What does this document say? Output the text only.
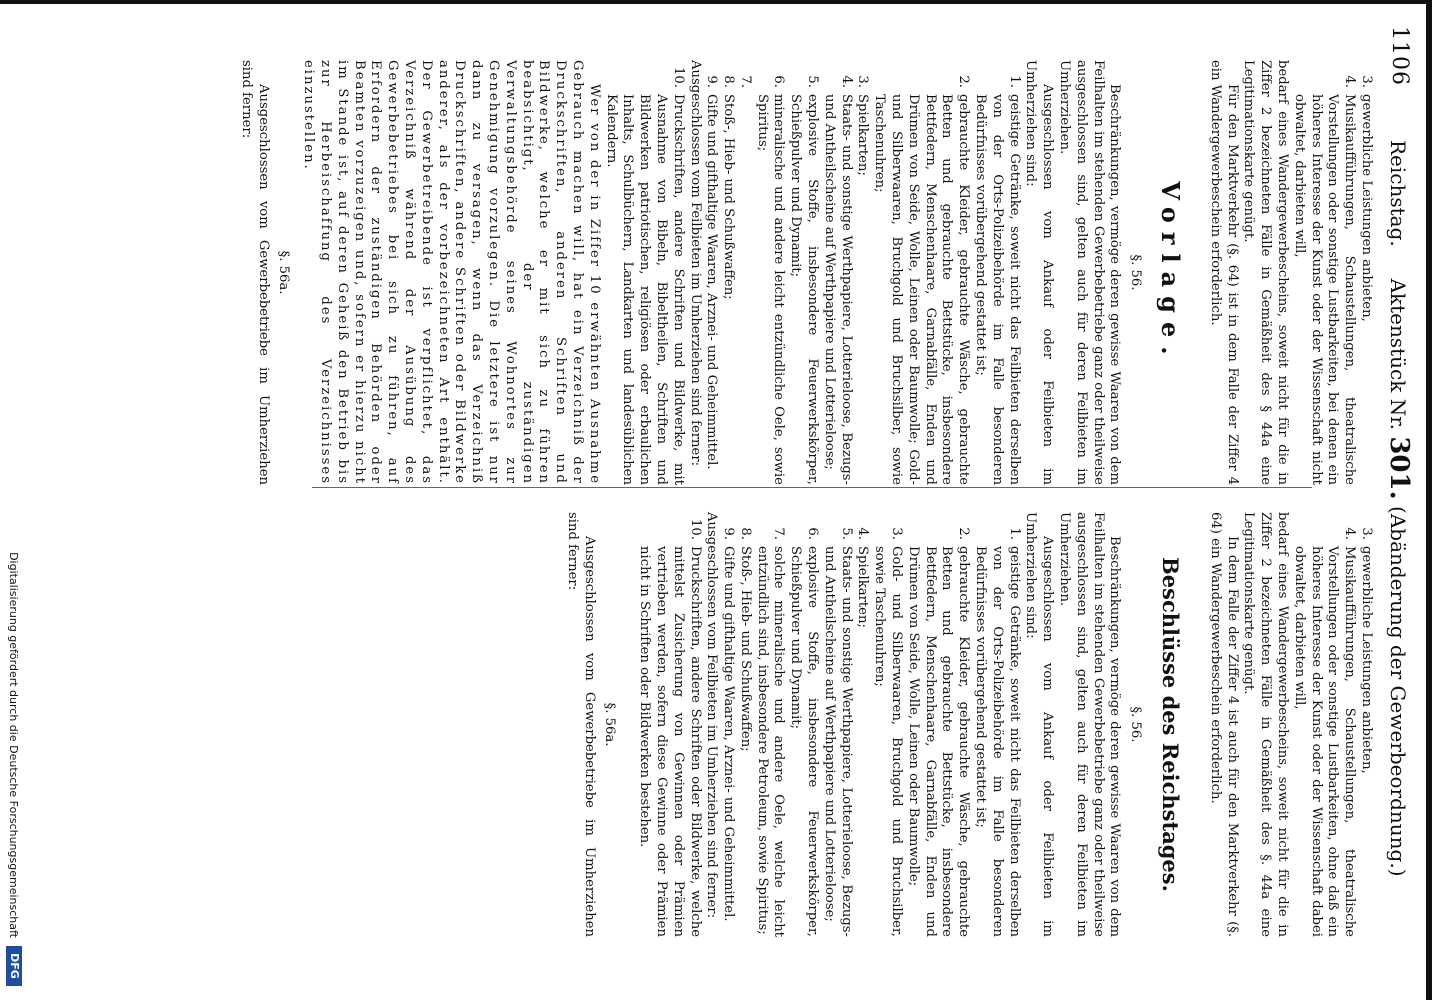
1106
Reichstag.     Aktenstück Nr. 301. (Abänderung der Gewerbeordnung.)
3.
gewerbliche Leistungen anbieten,
4.
Musikaufführungen, Schaustellungen, theatralische Vorstellungen oder sonstige Lustbarkeiten, bei denen ein höheres Interesse der Kunst oder der Wissenschaft nicht obwaltet, darbieten will,

bedarf eines Wandergewerbescheins, soweit nicht für die in Ziffer 2 bezeichneten Fälle in Gemäßheit des § 44a eine Legitimationskarte genügt.

Für den Marktverkehr (§. 64) ist in dem Falle der Ziffer 4 ein Wandergewerbeschein erforderlich.

Vorlage.
§. 56.

Beschränkungen, vermöge deren gewisse Waaren von dem Feilhalten im stehenden Gewerbebetriebe ganz oder theilweise ausgeschlossen sind, gelten auch für deren Feilbieten im Umherziehen.

Ausgeschlossen vom Ankauf oder Feilbieten im Umherziehen sind:

1.
geistige Getränke, soweit nicht das Feilbieten derselben von der Orts-Polizeibehörde im Falle besonderen Bedürfnisses vorübergehend gestattet ist;
2.
gebrauchte Kleider, gebrauchte Wäsche, gebrauchte Betten und gebrauchte Bettstücke, insbesondere Bettfedern, Menschenhaare, Garnabfälle, Enden und Drümen von Seide, Wolle, Leinen oder Baumwolle; Gold- und Silberwaaren, Bruchgold und Bruchsilber, sowie Taschenuhren;
3.
Spielkarten;
4.
Staats- und sonstige Werthpapiere, Lotterieloose, Bezugs- und Antheilscheine auf Werthpapiere und Lotterieloose;
5.
explosive Stoffe, insbesondere Feuerwerkskörper, Schießpulver und Dynamit;
6.
mineralische und andere leicht entzündliche Oele, sowie Spiritus;
7.
8.
Stoß-, Hieb- und Schußwaffen;
9.
Gifte und gifthaltige Waaren, Arznei- und Geheimmittel.

Ausgeschlossen vom Feilbieten im Umherziehen sind ferner:

10.
Druckschriften, andere Schriften und Bildwerke, mit Ausnahme von Bibeln, Bibeltheilen, Schriften und Bildwerken patriotischen, religiösen oder erbaulichen Inhalts, Schulbüchern, Landkarten und landesüblichen Kalendern.

Wer von der in Ziffer 10 erwähnten Ausnahme Gebrauch machen will, hat ein Verzeichniß der Druckschriften, anderen Schriften und Bildwerke, welche er mit sich zu führen beabsichtigt, der zuständigen Verwaltungsbehörde seines Wohnortes zur Genehmigung vorzulegen. Die letztere ist nur dann zu versagen, wenn das Verzeichniß Druckschriften, andere Schriften oder Bildwerke anderer, als der vorbezeichneten Art enthält. Der Gewerbetreibende ist verpflichtet, das Verzeichniß während der Ausübung des Gewerbebetriebes bei sich zu führen, auf Erfordern der zuständigen Behörden oder Beamten vorzuzeigen und, sofern er hierzu nicht im Stande ist, auf deren Geheiß den Betrieb bis zur Herbeischaffung des Verzeichnisses einzustellen.

§. 56a.

Ausgeschlossen vom Gewerbebetriebe im Umherziehen sind ferner:

3.
gewerbliche Leistungen anbieten,
4.
Musikaufführungen, Schaustellungen, theatralische Vorstellungen oder sonstige Lustbarkeiten, ohne daß ein höheres Interesse der Kunst oder der Wissenschaft dabei obwaltet, darbieten will,

bedarf eines Wandergewerbescheins, soweit nicht für die in Ziffer 2 bezeichneten Fälle in Gemäßheit des §. 44a eine Legitimationskarte genügt.

In dem Falle der Ziffer 4 ist auch für den Marktverkehr (§. 64) ein Wandergewerbeschein erforderlich.

Beschlüsse des Reichstages.
§. 56.

Beschränkungen, vermöge deren gewisse Waaren von dem Feilhalten im stehenden Gewerbebetriebe ganz oder theilweise ausgeschlossen sind, gelten auch für deren Feilbieten im Umherziehen.

Ausgeschlossen vom Ankauf oder Feilbieten im Umherziehen sind:

1.
geistige Getränke, soweit nicht das Feilbieten derselben von der Orts-Polizeibehörde im Falle besonderen Bedürfnisses vorübergehend gestattet ist;
2.
gebrauchte Kleider, gebrauchte Wäsche, gebrauchte Betten und gebrauchte Bettstücke, insbesondere Bettfedern, Menschenhaare, Garnabfälle, Enden und Drümen von Seide, Wolle, Leinen oder Baumwolle;
3.
Gold- und Silberwaaren, Bruchgold und Bruchsilber, sowie Taschenuhren;
4.
Spielkarten;
5.
Staats- und sonstige Werthpapiere, Lotterieloose, Bezugs- und Antheilscheine auf Werthpapiere und Lotterieloose;
6.
explosive Stoffe, insbesondere Feuerwerkskörper, Schießpulver und Dynamit;
7.
solche mineralische und andere Oele, welche leicht entzündlich sind, insbesondere Petroleum, sowie Spiritus;
8.
Stoß-, Hieb- und Schußwaffen;
9.
Gifte und gifthaltige Waaren, Arznei- und Geheimmittel.

Ausgeschlossen vom Feilbieten im Umherziehen sind ferner:

10.
Druckschriften, andere Schriften oder Bildwerke, welche mittelst Zusicherung von Gewinnen oder Prämien vertrieben werden, sofern diese Gewinne oder Prämien nicht in Schriften oder Bildwerken bestehen.
§. 56a.

Ausgeschlossen vom Gewerbebetriebe im Umherziehen sind ferner:

Digitalisierung gefördert durch die Deutsche Forschungsgemeinschaft
DFG
